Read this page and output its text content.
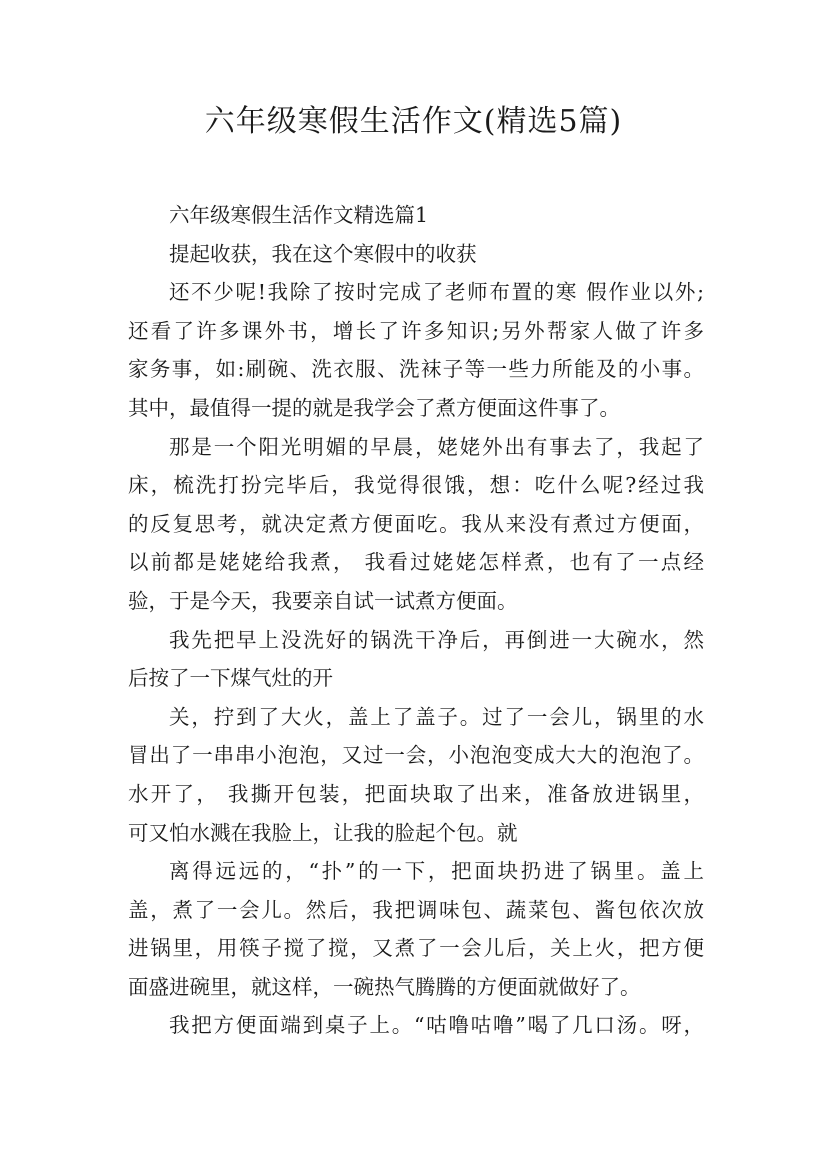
六年级寒假生活作文(精选5篇)
六年级寒假生活作文精选篇1
提起收获，我在这个寒假中的收获
还不少呢!我除了按时完成了老师布置的寒 假作业以外;
还看了许多课外书，增长了许多知识;另外帮家人做了许多
家务事，如:刷碗、洗衣服、洗袜子等一些力所能及的小事。
其中，最值得一提的就是我学会了煮方便面这件事了。
那是一个阳光明媚的早晨，姥姥外出有事去了，我起了
床，梳洗打扮完毕后，我觉得很饿，想：吃什么呢?经过我
的反复思考，就决定煮方便面吃。我从来没有煮过方便面，
以前都是姥姥给我煮， 我看过姥姥怎样煮，也有了一点经
验，于是今天，我要亲自试一试煮方便面。
我先把早上没洗好的锅洗干净后，再倒进一大碗水，然
后按了一下煤气灶的开
关，拧到了大火，盖上了盖子。过了一会儿，锅里的水
冒出了一串串小泡泡，又过一会，小泡泡变成大大的泡泡了。
水开了， 我撕开包装，把面块取了出来，准备放进锅里，
可又怕水溅在我脸上，让我的脸起个包。就
离得远远的，“扑”的一下，把面块扔进了锅里。盖上
盖，煮了一会儿。然后，我把调味包、蔬菜包、酱包依次放
进锅里，用筷子搅了搅，又煮了一会儿后，关上火，把方便
面盛进碗里，就这样，一碗热气腾腾的方便面就做好了。
我把方便面端到桌子上。“咕噜咕噜”喝了几口汤。呀，
